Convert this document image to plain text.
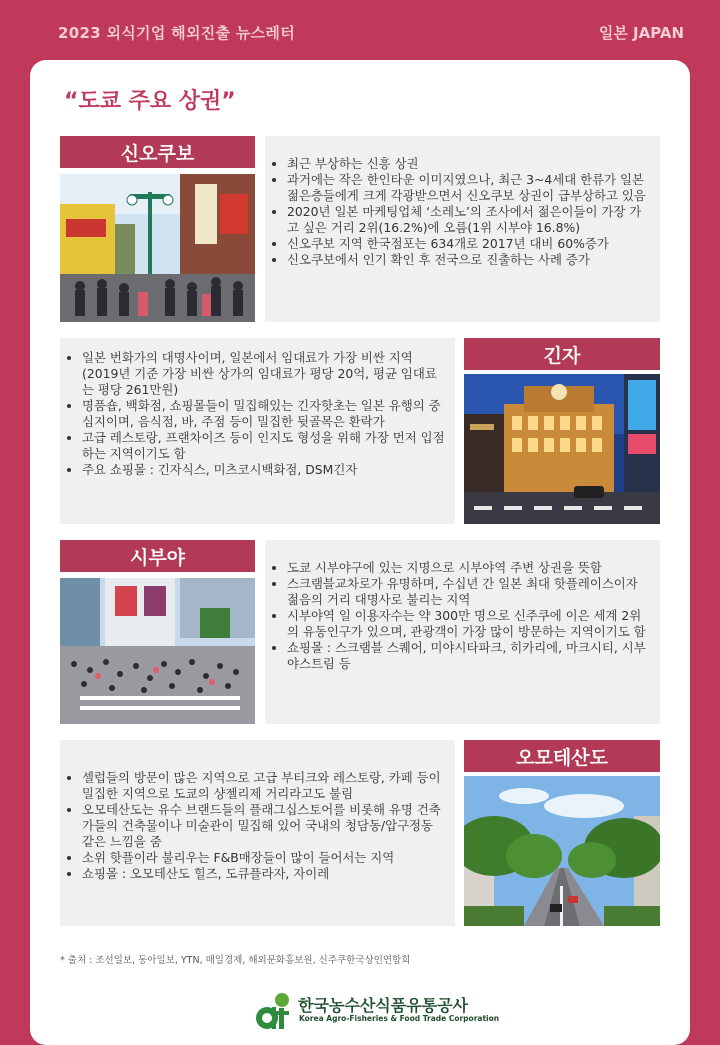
2023 외식기업 해외진출 뉴스레터	일본 JAPAN
“도쿄 주요 상권”
신오쿠보	• 최근 부상하는 신흥 상권
• 과거에는 작은 한인타운 이미지였으나, 최근 3~4세대 한류가 일본 젊은층들에게 크게 각광받으면서 신오쿠보 상권이 급부상하고 있음
• 2020년 일본 마케팅업체 ‘소레노’의 조사에서 젊은이들이 가장 가고 싶은 거리 2위(16.2%)에 오름(1위 시부야 16.8%)
• 신오쿠보 지역 한국점포는 634개로 2017년 대비 60%증가
• 신오쿠보에서 인기 확인 후 전국으로 진출하는 사례 증가
• 일본 번화가의 대명사이며, 일본에서 임대료가 가장 비싼 지역(2019년 기준 가장 비싼 상가의 임대료가 평당 20억, 평균 임대료는 평당 261만원)
• 명품숍, 백화점, 쇼핑몰들이 밀집해있는 긴자핫초는 일본 유행의 중심지이며, 음식점, 바, 주점 등이 밀집한 뒷골목은 환락가
• 고급 레스토랑, 프랜차이즈 등이 인지도 형성을 위해 가장 먼저 입점하는 지역이기도 함
• 주요 쇼핑몰 : 긴자식스, 미츠코시백화점, DSM긴자
긴자
시부야	• 도쿄 시부야구에 있는 지명으로 시부야역 주변 상권을 뜻함
• 스크램블교차로가 유명하며, 수십년 간 일본 최대 핫플레이스이자 젊음의 거리 대명사로 불리는 지역
• 시부야역 일 이용자수는 약 300만 명으로 신주쿠에 이은 세계 2위의 유동인구가 있으며, 관광객이 가장 많이 방문하는 지역이기도 함
• 쇼핑몰 : 스크램블 스퀘어, 미야시타파크, 히카리에, 마크시티, 시부야스트림 등
• 셀럽들의 방문이 많은 지역으로 고급 부티크와 레스토랑, 카페 등이 밀집한 지역으로 도쿄의 샹젤리제 거리라고도 불림
• 오모테산도는 유수 브랜드들의 플래그십스토어를 비롯해 유명 건축가들의 건축물이나 미술관이 밀집해 있어 국내의 청담동/압구정동 같은 느낌을 줌
• 소위 핫플이라 불리우는 F&B매장들이 많이 들어서는 지역
• 쇼핑몰 : 오모테산도 힐즈, 도큐플라자, 자이레
오모테산도
* 출처 : 조선일보, 동아일보, YTN, 매일경제, 해외문화홍보원, 신주쿠한국상인연합회
한국농수산식품유통공사
Korea Agro-Fisheries & Food Trade Corporation
